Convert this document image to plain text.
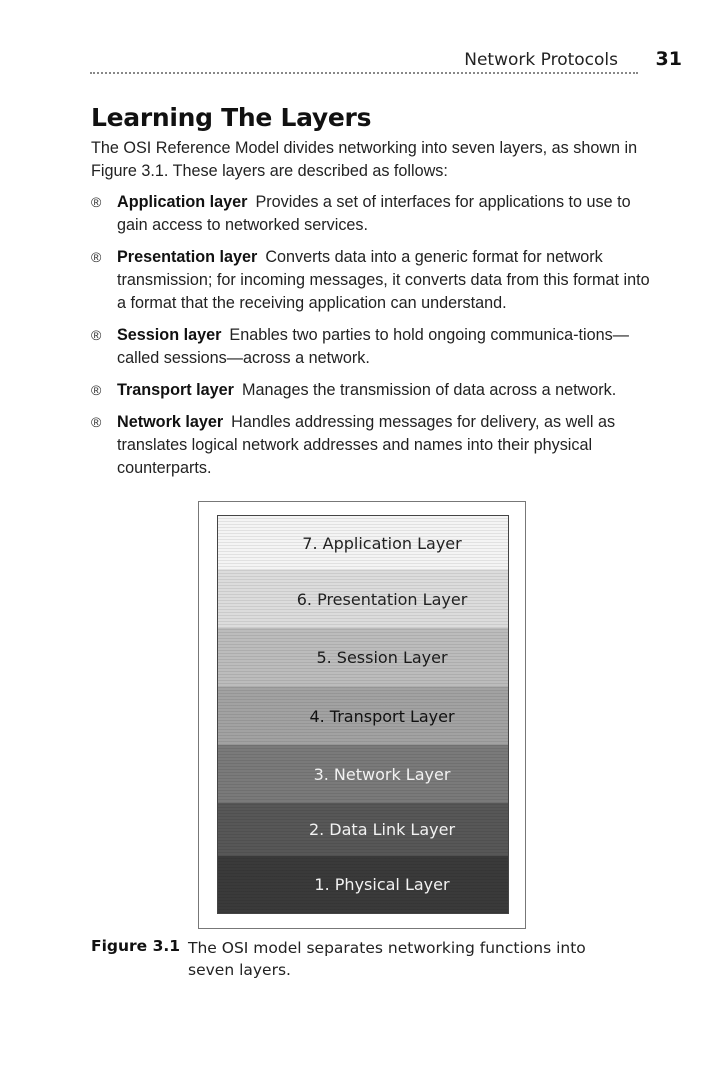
Network Protocols 31
Learning The Layers

The OSI Reference Model divides networking into seven layers, as shown in Figure 3.1. These layers are described as follows:

® Application layer Provides a set of interfaces for applications to use to gain access to networked services.
® Presentation layer Converts data into a generic format for network transmission; for incoming messages, it converts data from this format into a format that the receiving application can understand.
® Session layer Enables two parties to hold ongoing communica-tions—called sessions—across a network.
® Transport layer Manages the transmission of data across a network.
® Network layer Handles addressing messages for delivery, as well as translates logical network addresses and names into their physical counterparts.
7. Application Layer
6. Presentation Layer
5. Session Layer
4. Transport Layer
3. Network Layer
2. Data Link Layer
1. Physical Layer
Figure 3.1 The OSI model separates networking functions into seven layers.
